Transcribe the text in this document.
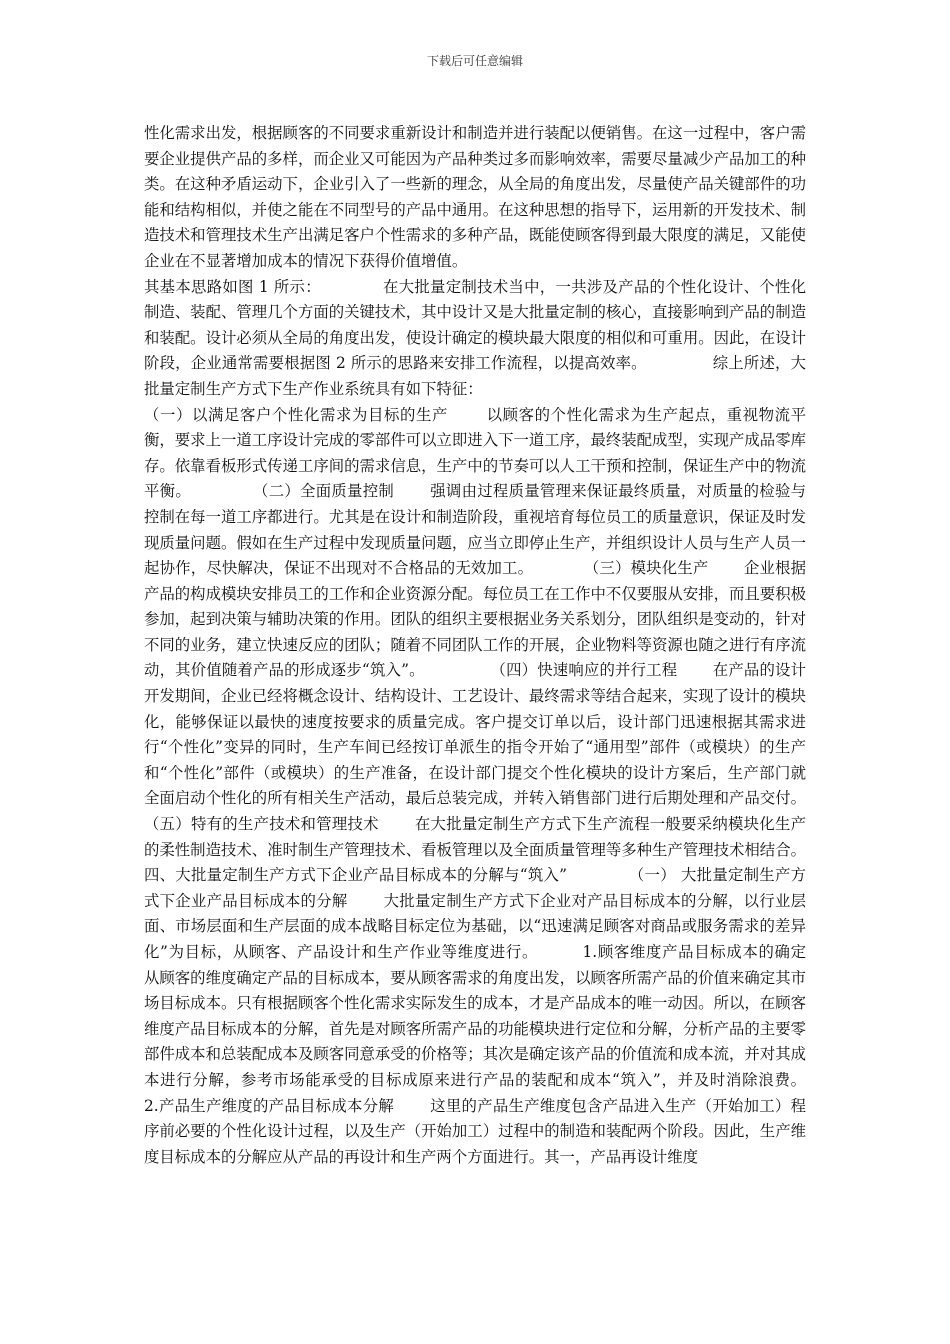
下载后可任意编辑

性化需求出发，根据顾客的不同要求重新设计和制造并进行装配以便销售。在这一过程中，客户需要企业提供产品的多样，而企业又可能因为产品种类过多而影响效率，需要尽量减少产品加工的种类。在这种矛盾运动下，企业引入了一些新的理念，从全局的角度出发，尽量使产品关键部件的功能和结构相似，并使之能在不同型号的产品中通用。在这种思想的指导下，运用新的开发技术、制造技术和管理技术生产出满足客户个性需求的多种产品，既能使顾客得到最大限度的满足，又能使企业在不显著增加成本的情况下获得价值增值。

其基本思路如图 1 所示：            在大批量定制技术当中，一共涉及产品的个性化设计、个性化制造、装配、管理几个方面的关键技术，其中设计又是大批量定制的核心，直接影响到产品的制造和装配。设计必须从全局的角度出发，使设计确定的模块最大限度的相似和可重用。因此，在设计阶段，企业通常需要根据图 2 所示的思路来安排工作流程，以提高效率。             综上所述，大批量定制生产方式下生产作业系统具有如下特征：

（一）以满足客户个性化需求为目标的生产       以顾客的个性化需求为生产起点，重视物流平衡，要求上一道工序设计完成的零部件可以立即进入下一道工序，最终装配成型，实现产成品零库存。依靠看板形式传递工序间的需求信息，生产中的节奏可以人工干预和控制，保证生产中的物流平衡。            （二）全面质量控制       强调由过程质量管理来保证最终质量，对质量的检验与控制在每一道工序都进行。尤其是在设计和制造阶段，重视培育每位员工的质量意识，保证及时发现质量问题。假如在生产过程中发现质量问题，应当立即停止生产，并组织设计人员与生产人员一起协作，尽快解决，保证不出现对不合格品的无效加工。          （三）模块化生产       企业根据产品的构成模块安排员工的工作和企业资源分配。每位员工在工作中不仅要服从安排，而且要积极参加，起到决策与辅助决策的作用。团队的组织主要根据业务关系划分，团队组织是变动的，针对不同的业务，建立快速反应的团队；随着不同团队工作的开展，企业物料等资源也随之进行有序流动，其价值随着产品的形成逐步“筑入”。             （四）快速响应的并行工程       在产品的设计开发期间，企业已经将概念设计、结构设计、工艺设计、最终需求等结合起来，实现了设计的模块化，能够保证以最快的速度按要求的质量完成。客户提交订单以后，设计部门迅速根据其需求进行“个性化”变异的同时，生产车间已经按订单派生的指令开始了“通用型”部件（或模块）的生产和“个性化”部件（或模块）的生产准备，在设计部门提交个性化模块的设计方案后，生产部门就全面启动个性化的所有相关生产活动，最后总装完成，并转入销售部门进行后期处理和产品交付。          （五）特有的生产技术和管理技术       在大批量定制生产方式下生产流程一般要采纳模块化生产的柔性制造技术、准时制生产管理技术、看板管理以及全面质量管理等多种生产管理技术相结合。             四、大批量定制生产方式下企业产品目标成本的分解与“筑入”            （一） 大批量定制生产方式下企业产品目标成本的分解       大批量定制生产方式下企业对产品目标成本的分解，以行业层面、市场层面和生产层面的成本战略目标定位为基础，以“迅速满足顾客对商品或服务需求的差异化”为目标，从顾客、产品设计和生产作业等维度进行。        1.顾客维度产品目标成本的确定       从顾客的维度确定产品的目标成本，要从顾客需求的角度出发，以顾客所需产品的价值来确定其市场目标成本。只有根据顾客个性化需求实际发生的成本，才是产品成本的唯一动因。所以，在顾客维度产品目标成本的分解，首先是对顾客所需产品的功能模块进行定位和分解，分析产品的主要零部件成本和总装配成本及顾客同意承受的价格等；其次是确定该产品的价值流和成本流，并对其成本进行分解，参考市场能承受的目标成原来进行产品的装配和成本“筑入”，并及时消除浪费。        2.产品生产维度的产品目标成本分解       这里的产品生产维度包含产品进入生产（开始加工）程序前必要的个性化设计过程，以及生产（开始加工）过程中的制造和装配两个阶段。因此，生产维度目标成本的分解应从产品的再设计和生产两个方面进行。其一，产品再设计维度
